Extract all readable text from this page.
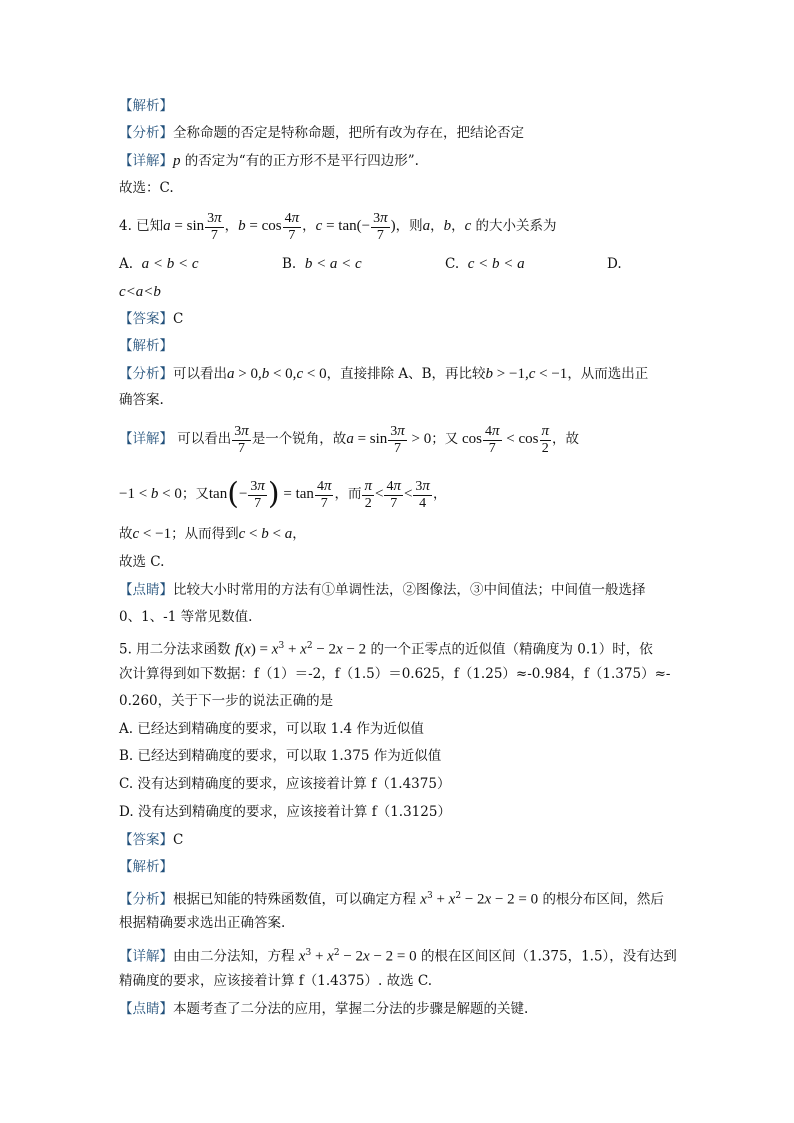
【解析】
【分析】全称命题的否定是特称命题，把所有改为存在，把结论否定
【详解】p 的否定为“有的正方形不是平行四边形”.
故选：C.
4. 已知$a = \sin \frac{3\pi}{7}$ ，$b = \cos \frac{4\pi}{7}$ ，$c = \tan(- \frac{3\pi}{7}$ )，则a，b，c 的大小关系为
A. a < b < c	B. b < a < c	C. c < b < a	D.
c<a<b
【答案】C
【解析】
【分析】可以看出a > 0,b < 0,c < 0，直接排除 A、B，再比较b > −1,c < −1，从而选出正
确答案.
【详解】 可以看出 $\frac{3\pi}{7}$ 是一个锐角，故$a = \sin \frac{3\pi}{7} > 0$；又 $\cos \frac{4\pi}{7} < \cos \frac{\pi}{2}$ ，故
−1 < b < 0；又$\tan(- \frac{3\pi}{7}$ ) = $\tan \frac{4\pi}{7}$ ，而 $\frac{\pi}{2} < \frac{4\pi}{7} < \frac{3\pi}{4}$ ，
故c < −1；从而得到c < b < a，
故选 C.
【点睛】比较大小时常用的方法有①单调性法，②图像法，③中间值法；中间值一般选择
0、1、-1 等常见数值.
5. 用二分法求函数 $f(x) = x^3 + x^2 - 2x - 2$ 的一个正零点的近似值（精确度为 0.1）时，依
次计算得到如下数据：f（1）＝-2，f（1.5）＝0.625，f（1.25）≈-0.984，f（1.375）≈-
0.260，关于下一步的说法正确的是
A. 已经达到精确度的要求，可以取 1.4 作为近似值
B. 已经达到精确度的要求，可以取 1.375 作为近似值
C. 没有达到精确度的要求，应该接着计算 f（1.4375）
D. 没有达到精确度的要求，应该接着计算 f（1.3125）
【答案】C
【解析】
【分析】根据已知能的特殊函数值，可以确定方程 $x^3 + x^2 - 2x - 2 = 0$ 的根分布区间，然后
根据精确要求选出正确答案.
【详解】由由二分法知，方程 $x^3 + x^2 - 2x - 2 = 0$ 的根在区间区间（1.375，1.5），没有达到
精确度的要求，应该接着计算 f（1.4375）. 故选 C.
【点睛】本题考查了二分法的应用，掌握二分法的步骤是解题的关键.
